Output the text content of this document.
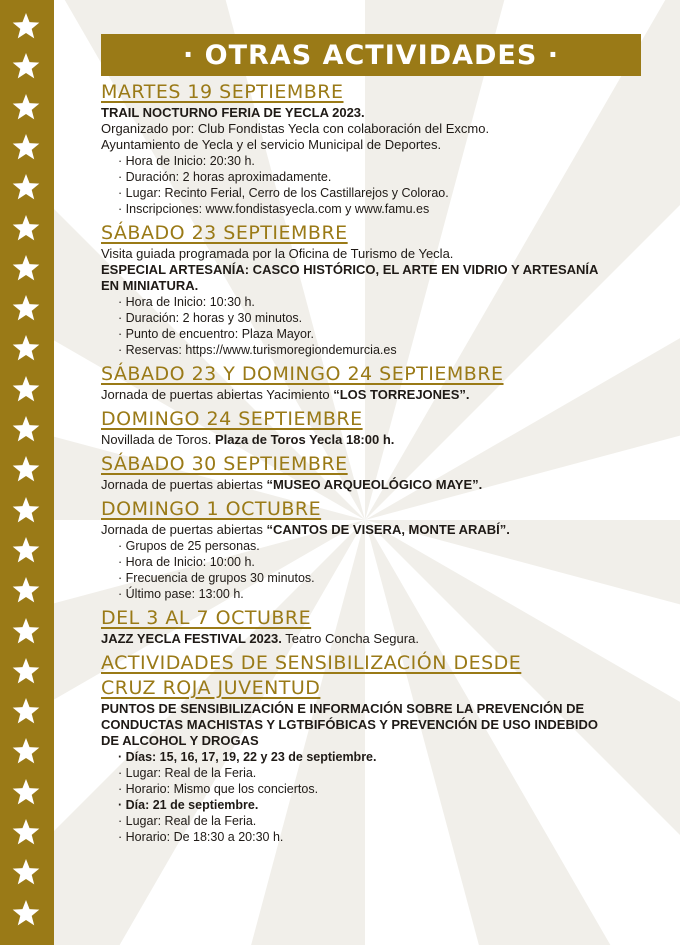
· OTRAS ACTIVIDADES ·
MARTES 19 SEPTIEMBRE
TRAIL NOCTURNO FERIA DE YECLA 2023.
Organizado por: Club Fondistas Yecla con colaboración del Excmo.
Ayuntamiento de Yecla y el servicio Municipal de Deportes.
· Hora de Inicio: 20:30 h.
· Duración: 2 horas aproximadamente.
· Lugar: Recinto Ferial, Cerro de los Castillarejos y Colorao.
· Inscripciones: www.fondistasyecla.com y www.famu.es
SÁBADO 23 SEPTIEMBRE
Visita guiada programada por la Oficina de Turismo de Yecla.
ESPECIAL ARTESANÍA: CASCO HISTÓRICO, EL ARTE EN VIDRIO Y ARTESANÍA
EN MINIATURA.
· Hora de Inicio: 10:30 h.
· Duración: 2 horas y 30 minutos.
· Punto de encuentro: Plaza Mayor.
· Reservas: https://www.turismoregiondemurcia.es
SÁBADO 23 Y DOMINGO 24 SEPTIEMBRE
Jornada de puertas abiertas Yacimiento “LOS TORREJONES”.
DOMINGO 24 SEPTIEMBRE
Novillada de Toros. Plaza de Toros Yecla 18:00 h.
SÁBADO 30 SEPTIEMBRE
Jornada de puertas abiertas “MUSEO ARQUEOLÓGICO MAYE”.
DOMINGO 1 OCTUBRE
Jornada de puertas abiertas “CANTOS DE VISERA, MONTE ARABÍ”.
· Grupos de 25 personas.
· Hora de Inicio: 10:00 h.
· Frecuencia de grupos 30 minutos.
· Último pase: 13:00 h.
DEL 3 AL 7 OCTUBRE
JAZZ YECLA FESTIVAL 2023. Teatro Concha Segura.
ACTIVIDADES DE SENSIBILIZACIÓN DESDE
CRUZ ROJA JUVENTUD
PUNTOS DE SENSIBILIZACIÓN E INFORMACIÓN SOBRE LA PREVENCIÓN DE
CONDUCTAS MACHISTAS Y LGTBIFÓBICAS Y PREVENCIÓN DE USO INDEBIDO
DE ALCOHOL Y DROGAS
· Días: 15, 16, 17, 19, 22 y 23 de septiembre.
· Lugar: Real de la Feria.
· Horario: Mismo que los conciertos.
· Día: 21 de septiembre.
· Lugar: Real de la Feria.
· Horario: De 18:30 a 20:30 h.
